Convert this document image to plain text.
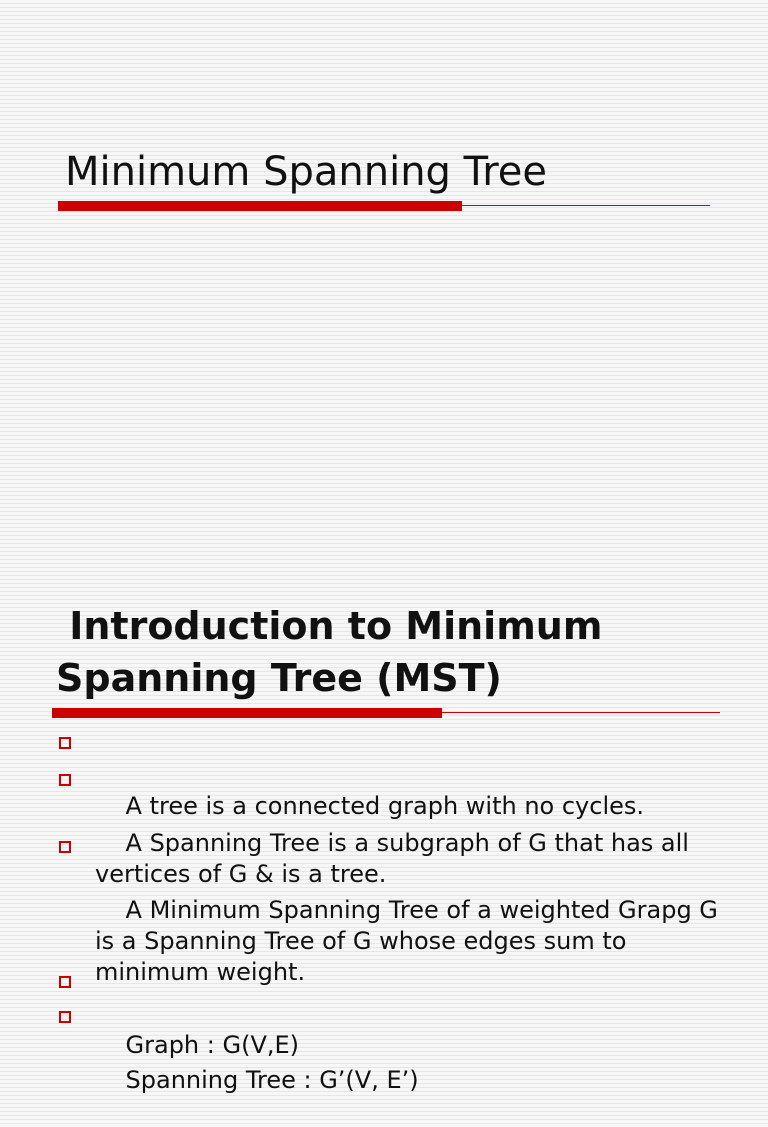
Minimum Spanning Tree
Introduction to Minimum
Spanning Tree (MST)

A tree is a connected graph with no cycles.

A Spanning Tree is a subgraph of G that has all
vertices of G & is a tree.

A Minimum Spanning Tree of a weighted Grapg G
is a Spanning Tree of G whose edges sum to
minimum weight.

Graph : G(V,E)

Spanning Tree : G’(V, E’)
